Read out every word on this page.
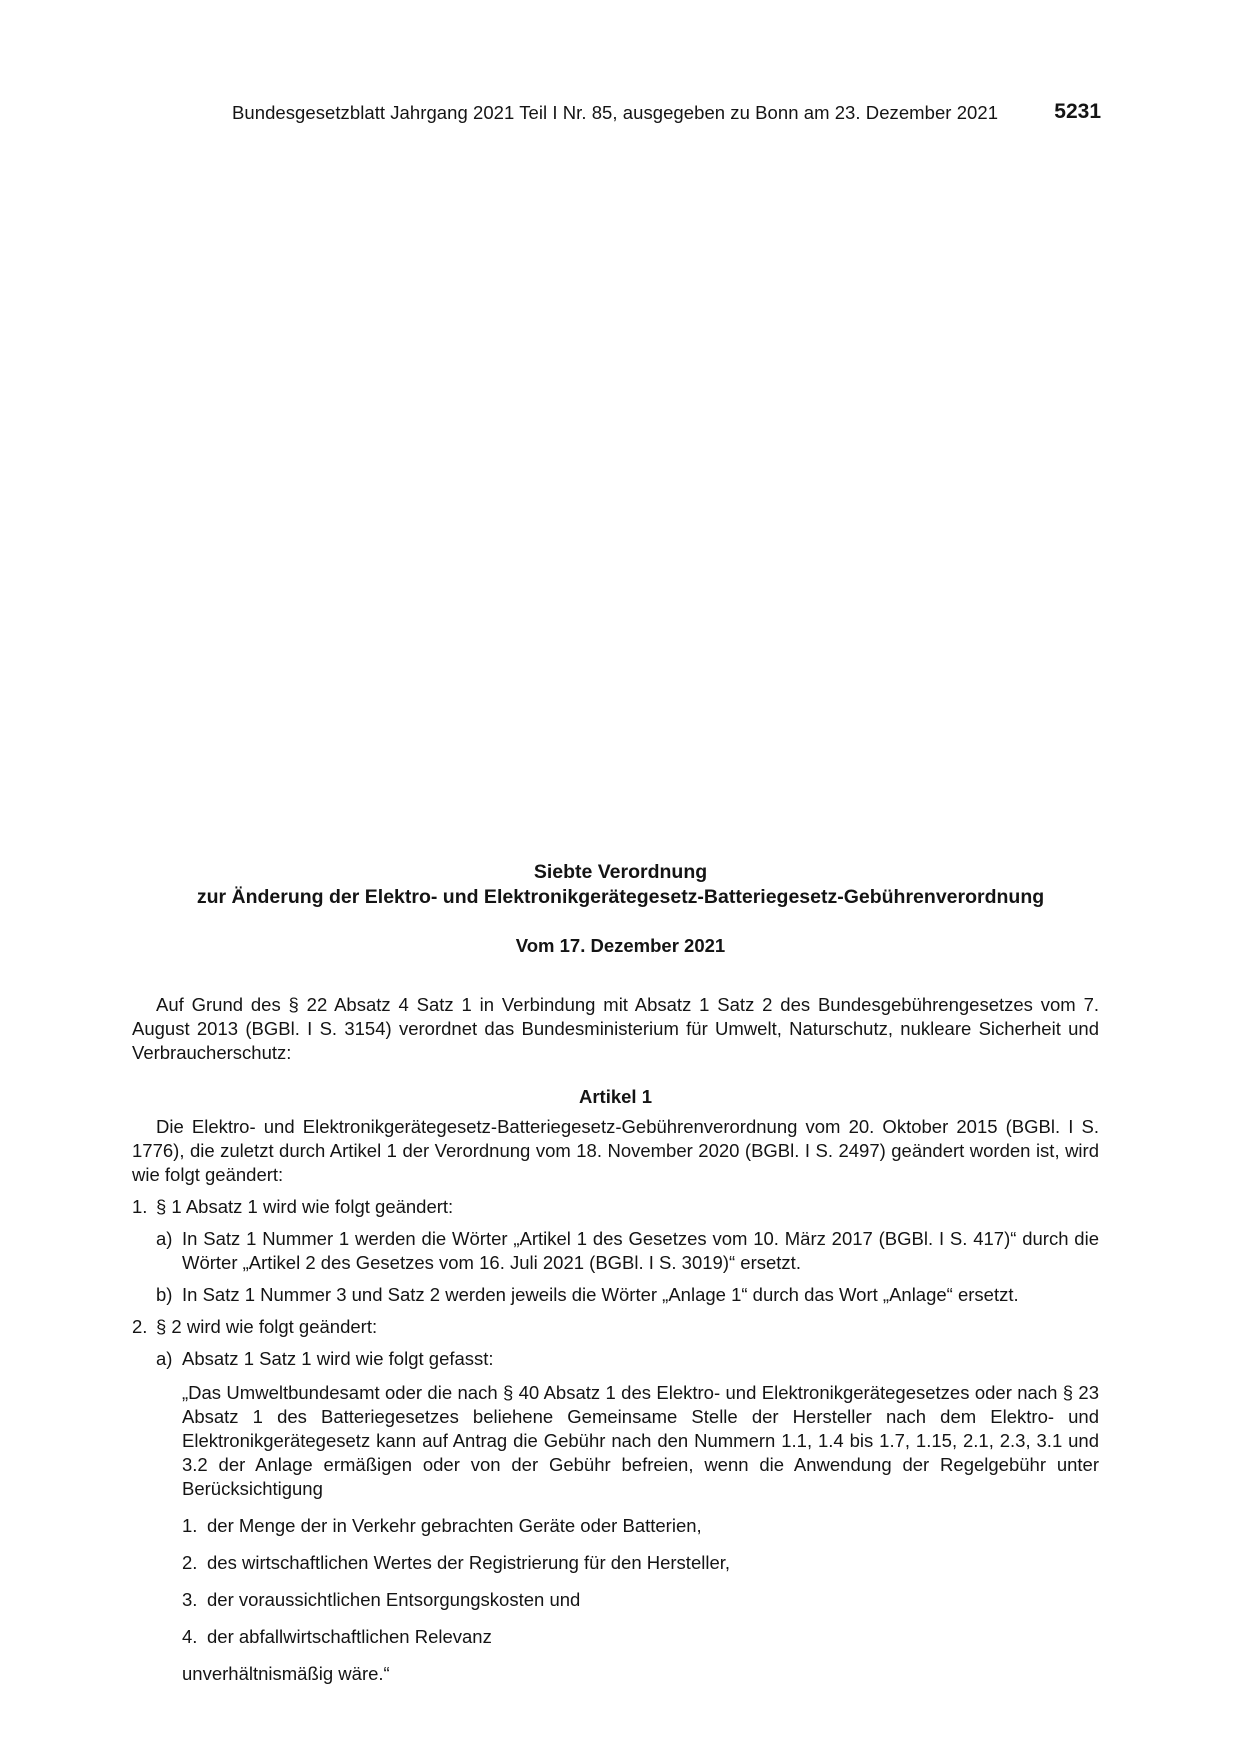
Bundesgesetzblatt Jahrgang 2021 Teil I Nr. 85, ausgegeben zu Bonn am 23. Dezember 2021	5231
Siebte Verordnung
zur Änderung der Elektro- und Elektronikgerätegesetz-Batteriegesetz-Gebührenverordnung
Vom 17. Dezember 2021

Auf Grund des § 22 Absatz 4 Satz 1 in Verbindung mit Absatz 1 Satz 2 des Bundesgebührengesetzes vom 7. August 2013 (BGBl. I S. 3154) verordnet das Bundesministerium für Umwelt, Naturschutz, nukleare Sicherheit und Verbraucherschutz:

Artikel 1

Die Elektro- und Elektronikgerätegesetz-Batteriegesetz-Gebührenverordnung vom 20. Oktober 2015 (BGBl. I S. 1776), die zuletzt durch Artikel 1 der Verordnung vom 18. November 2020 (BGBl. I S. 2497) geändert worden ist, wird wie folgt geändert:

1. § 1 Absatz 1 wird wie folgt geändert:
a) In Satz 1 Nummer 1 werden die Wörter „Artikel 1 des Gesetzes vom 10. März 2017 (BGBl. I S. 417)“ durch die Wörter „Artikel 2 des Gesetzes vom 16. Juli 2021 (BGBl. I S. 3019)“ ersetzt.
b) In Satz 1 Nummer 3 und Satz 2 werden jeweils die Wörter „Anlage 1“ durch das Wort „Anlage“ ersetzt.
2. § 2 wird wie folgt geändert:
a) Absatz 1 Satz 1 wird wie folgt gefasst:
„Das Umweltbundesamt oder die nach § 40 Absatz 1 des Elektro- und Elektronikgerätegesetzes oder nach § 23 Absatz 1 des Batteriegesetzes beliehene Gemeinsame Stelle der Hersteller nach dem Elektro- und Elektronikgerätegesetz kann auf Antrag die Gebühr nach den Nummern 1.1, 1.4 bis 1.7, 1.15, 2.1, 2.3, 3.1 und 3.2 der Anlage ermäßigen oder von der Gebühr befreien, wenn die Anwendung der Regelgebühr unter Berücksichtigung
1. der Menge der in Verkehr gebrachten Geräte oder Batterien,
2. des wirtschaftlichen Wertes der Registrierung für den Hersteller,
3. der voraussichtlichen Entsorgungskosten und
4. der abfallwirtschaftlichen Relevanz
unverhältnismäßig wäre.“
